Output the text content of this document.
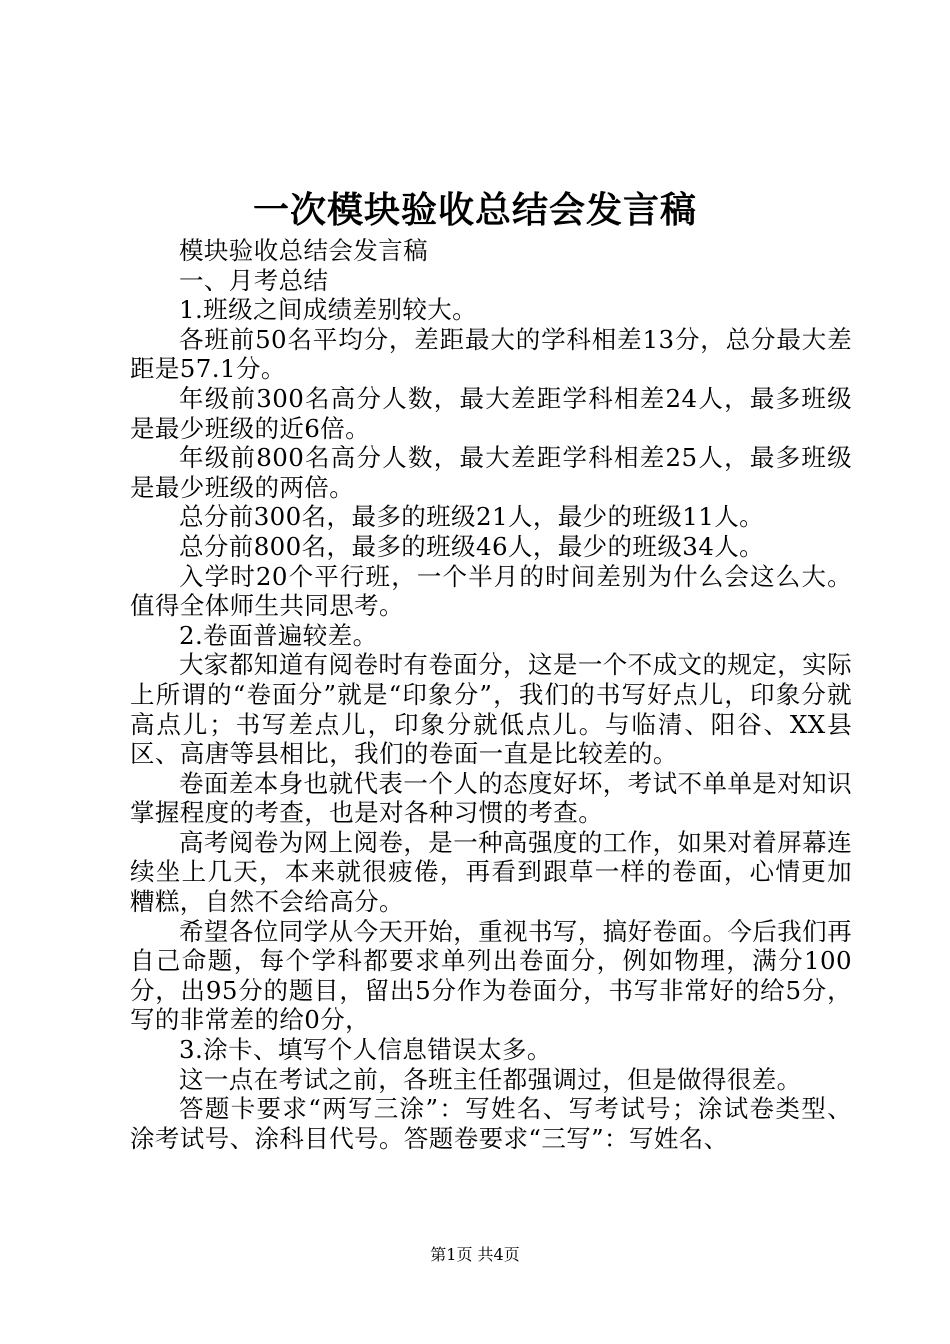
一次模块验收总结会发言稿

模块验收总结会发言稿

一、月考总结

1.班级之间成绩差别较大。

各班前50名平均分，差距最大的学科相差13分，总分最大差距是57.1分。

年级前300名高分人数，最大差距学科相差24人，最多班级是最少班级的近6倍。

年级前800名高分人数，最大差距学科相差25人，最多班级是最少班级的两倍。

总分前300名，最多的班级21人，最少的班级11人。

总分前800名，最多的班级46人，最少的班级34人。

入学时20个平行班，一个半月的时间差别为什么会这么大。值得全体师生共同思考。

2.卷面普遍较差。

大家都知道有阅卷时有卷面分，这是一个不成文的规定，实际上所谓的“卷面分”就是“印象分”，我们的书写好点儿，印象分就高点儿；书写差点儿，印象分就低点儿。与临清、阳谷、XX县区、高唐等县相比，我们的卷面一直是比较差的。

卷面差本身也就代表一个人的态度好坏，考试不单单是对知识掌握程度的考查，也是对各种习惯的考查。

高考阅卷为网上阅卷，是一种高强度的工作，如果对着屏幕连续坐上几天，本来就很疲倦，再看到跟草一样的卷面，心情更加糟糕，自然不会给高分。

希望各位同学从今天开始，重视书写，搞好卷面。今后我们再自己命题，每个学科都要求单列出卷面分，例如物理，满分100分，出95分的题目，留出5分作为卷面分，书写非常好的给5分，写的非常差的给0分，

3.涂卡、填写个人信息错误太多。

这一点在考试之前，各班主任都强调过，但是做得很差。

答题卡要求“两写三涂”：写姓名、写考试号；涂试卷类型、涂考试号、涂科目代号。答题卷要求“三写”：写姓名、

第1页 共4页
